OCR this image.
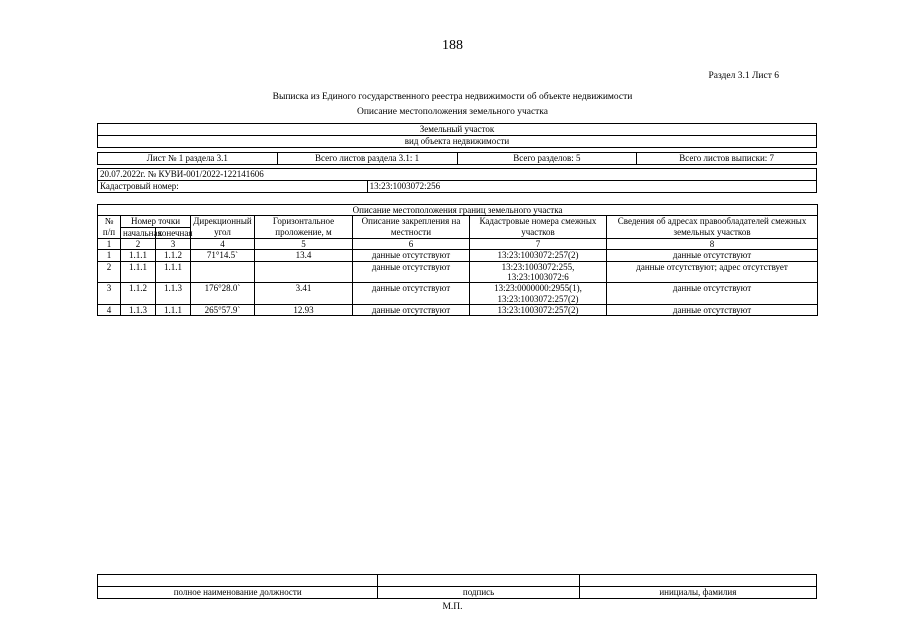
188
Раздел 3.1 Лист 6
Выписка из Единого государственного реестра недвижимости об объекте недвижимости
Описание местоположения земельного участка
Земельный участок
вид объекта недвижимости

Лист № 1 раздела 3.1	Всего листов раздела 3.1: 1	Всего разделов: 5	Всего листов выписки: 7
20.07.2022г. № КУВИ-001/2022-122141606
Кадастровый номер:	13:23:1003072:256
Описание местоположения границ земельного участка							
№ п/п	Номер точки		Дирекционный угол	Горизонтальное проложение, м	Описание закрепления на местности	Кадастровые номера смежных участков	Сведения об адресах правообладателей смежных земельных участков
	начальная	конечная					
1	2	3	4	5	6	7	8
1	1.1.1	1.1.2	71°14.5`	13.4	данные отсутствуют	13:23:1003072:257(2)	данные отсутствуют
2	1.1.1	1.1.1			данные отсутствуют	13:23:1003072:255, 13:23:1003072:6	данные отсутствуют; адрес отсутствует
3	1.1.2	1.1.3	176°28.0`	3.41	данные отсутствуют	13:23:0000000:2955(1), 13:23:1003072:257(2)	данные отсутствуют
4	1.1.3	1.1.1	265°57.9`	12.93	данные отсутствуют	13:23:1003072:257(2)	данные отсутствуют

полное наименование должности	подпись	инициалы, фамилия
М.П.
